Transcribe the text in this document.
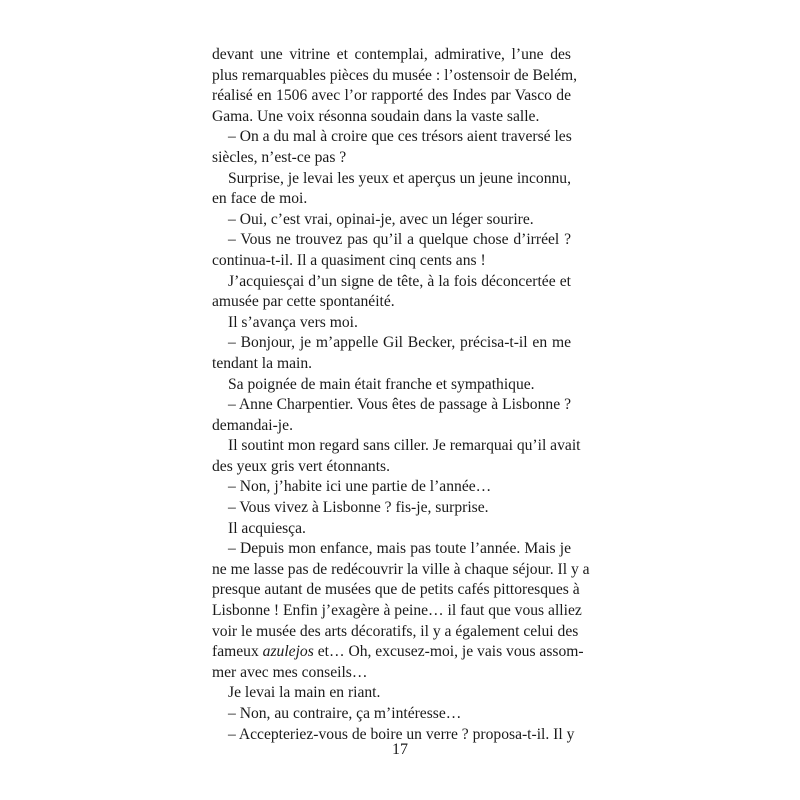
devant une vitrine et contemplai, admirative, l’une des
plus remarquables pièces du musée : l’ostensoir de Belém,
réalisé en 1506 avec l’or rapporté des Indes par Vasco de
Gama. Une voix résonna soudain dans la vaste salle.
– On a du mal à croire que ces trésors aient traversé les
siècles, n’est-ce pas ?
Surprise, je levai les yeux et aperçus un jeune inconnu,
en face de moi.
– Oui, c’est vrai, opinai-je, avec un léger sourire.
– Vous ne trouvez pas qu’il a quelque chose d’irréel ?
continua-t-il. Il a quasiment cinq cents ans !
J’acquiesçai d’un signe de tête, à la fois déconcertée et
amusée par cette spontanéité.
Il s’avança vers moi.
– Bonjour, je m’appelle Gil Becker, précisa-t-il en me
tendant la main.
Sa poignée de main était franche et sympathique.
– Anne Charpentier. Vous êtes de passage à Lisbonne ?
demandai-je.
Il soutint mon regard sans ciller. Je remarquai qu’il avait
des yeux gris vert étonnants.
– Non, j’habite ici une partie de l’année…
– Vous vivez à Lisbonne ? fis-je, surprise.
Il acquiesça.
– Depuis mon enfance, mais pas toute l’année. Mais je
ne me lasse pas de redécouvrir la ville à chaque séjour. Il y a
presque autant de musées que de petits cafés pittoresques à
Lisbonne ! Enfin j’exagère à peine… il faut que vous alliez
voir le musée des arts décoratifs, il y a également celui des
fameux azulejos et… Oh, excusez-moi, je vais vous assom-
mer avec mes conseils…
Je levai la main en riant.
– Non, au contraire, ça m’intéresse…
– Accepteriez-vous de boire un verre ? proposa-t-il. Il y
17
